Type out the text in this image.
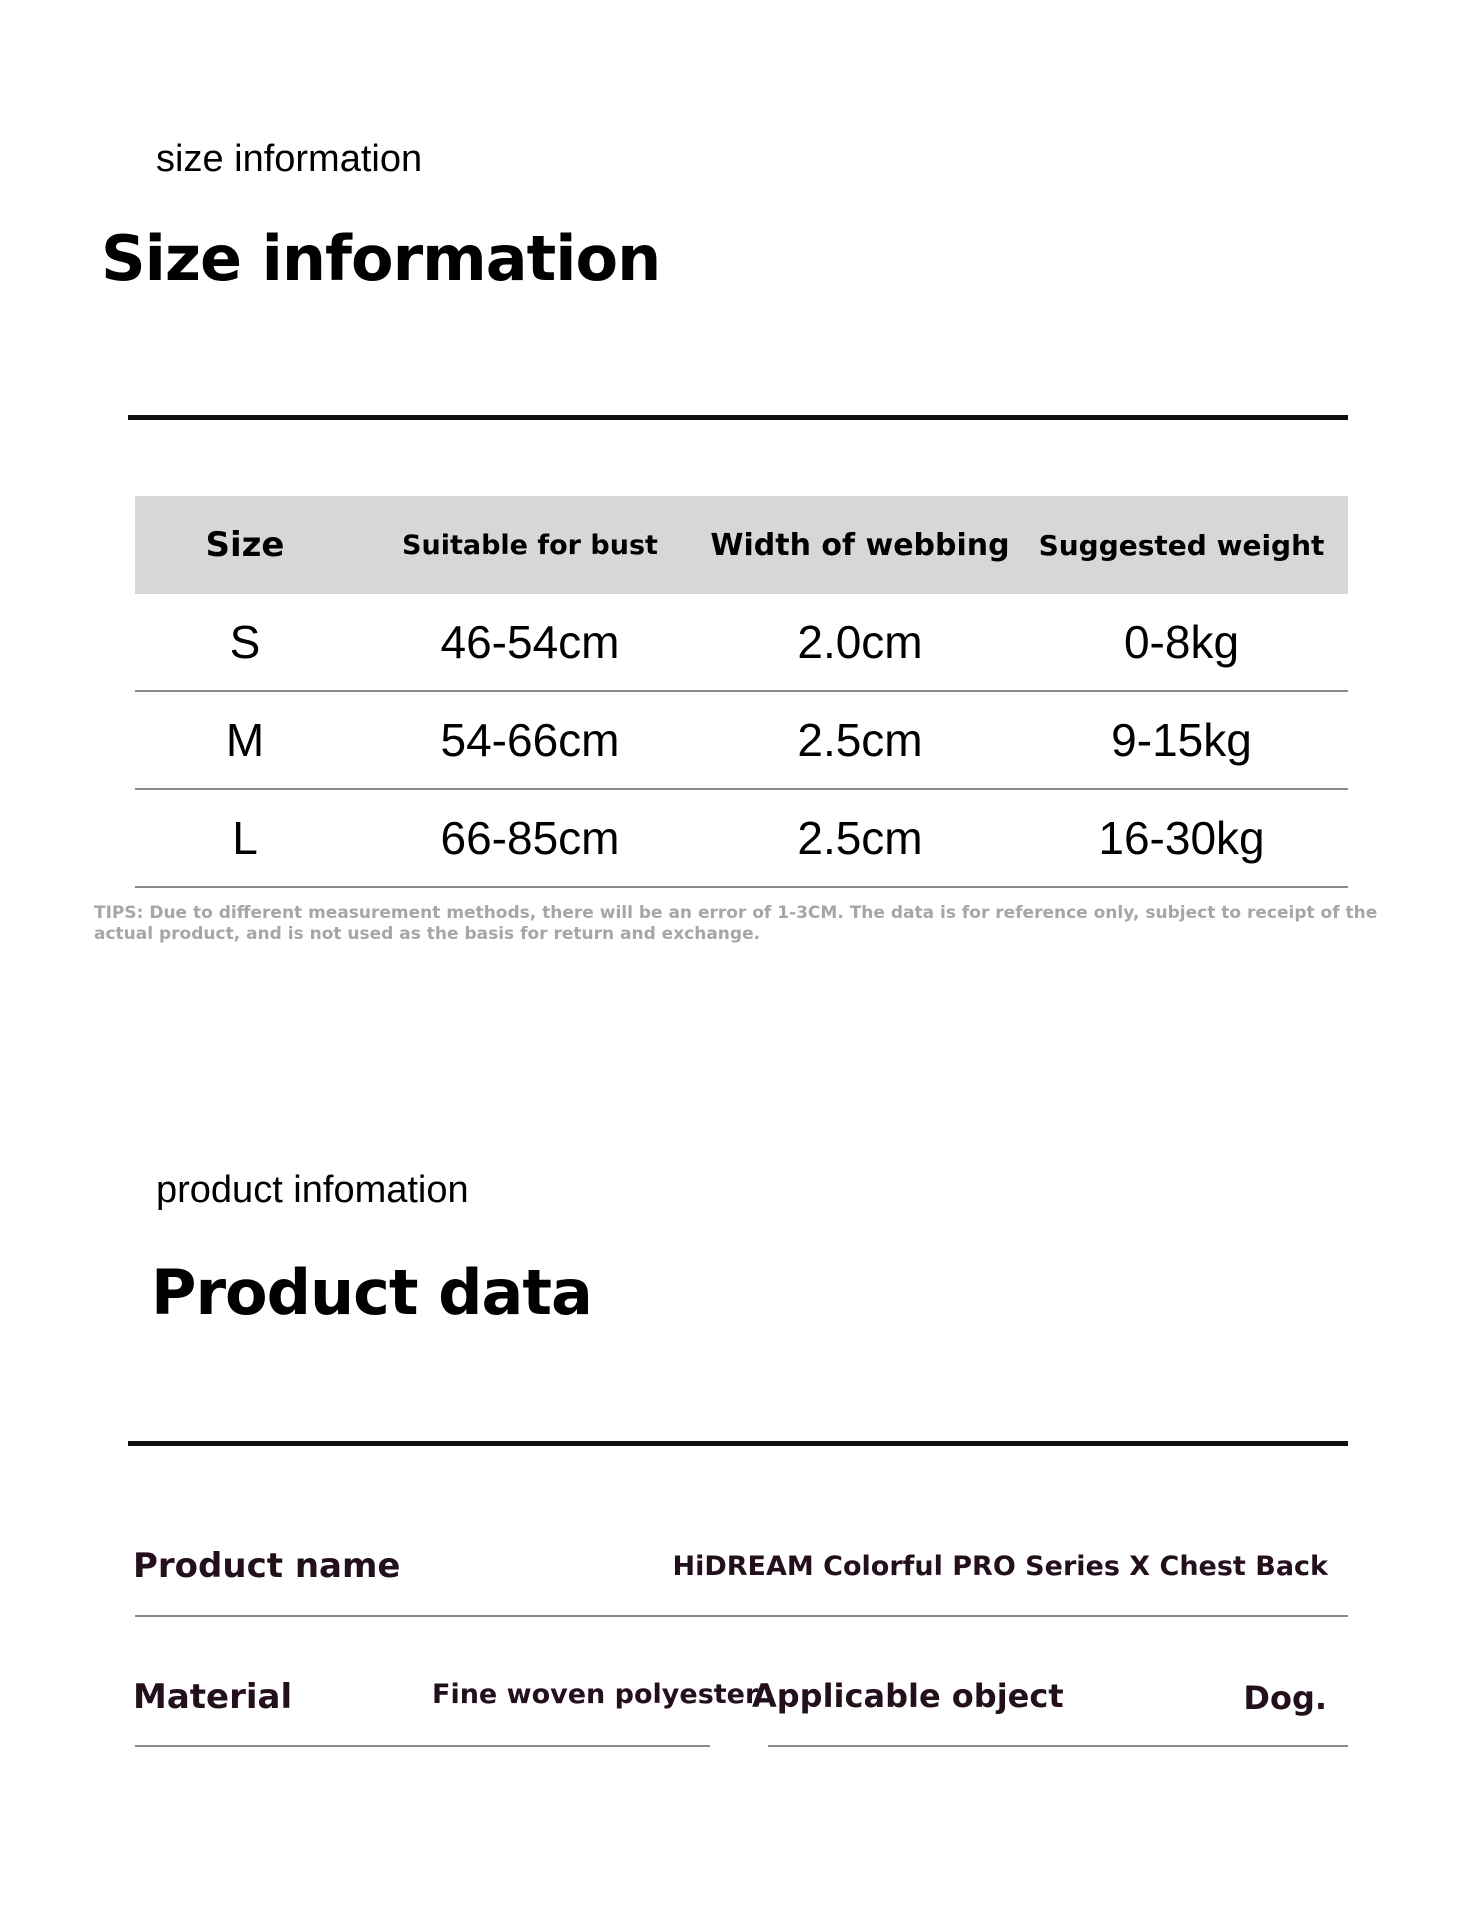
size information
Size information
Size	Suitable for bust	Width of webbing	Suggested weight
S	46-54cm	2.0cm	0-8kg
M	54-66cm	2.5cm	9-15kg
L	66-85cm	2.5cm	16-30kg
TIPS: Due to different measurement methods, there will be an error of 1-3CM. The data is for reference only, subject to receipt of the actual product, and is not used as the basis for return and exchange.
product infomation
Product data
Product name	HiDREAM Colorful PRO Series X Chest Back
Material	Fine woven polyester
Applicable object	Dog.
